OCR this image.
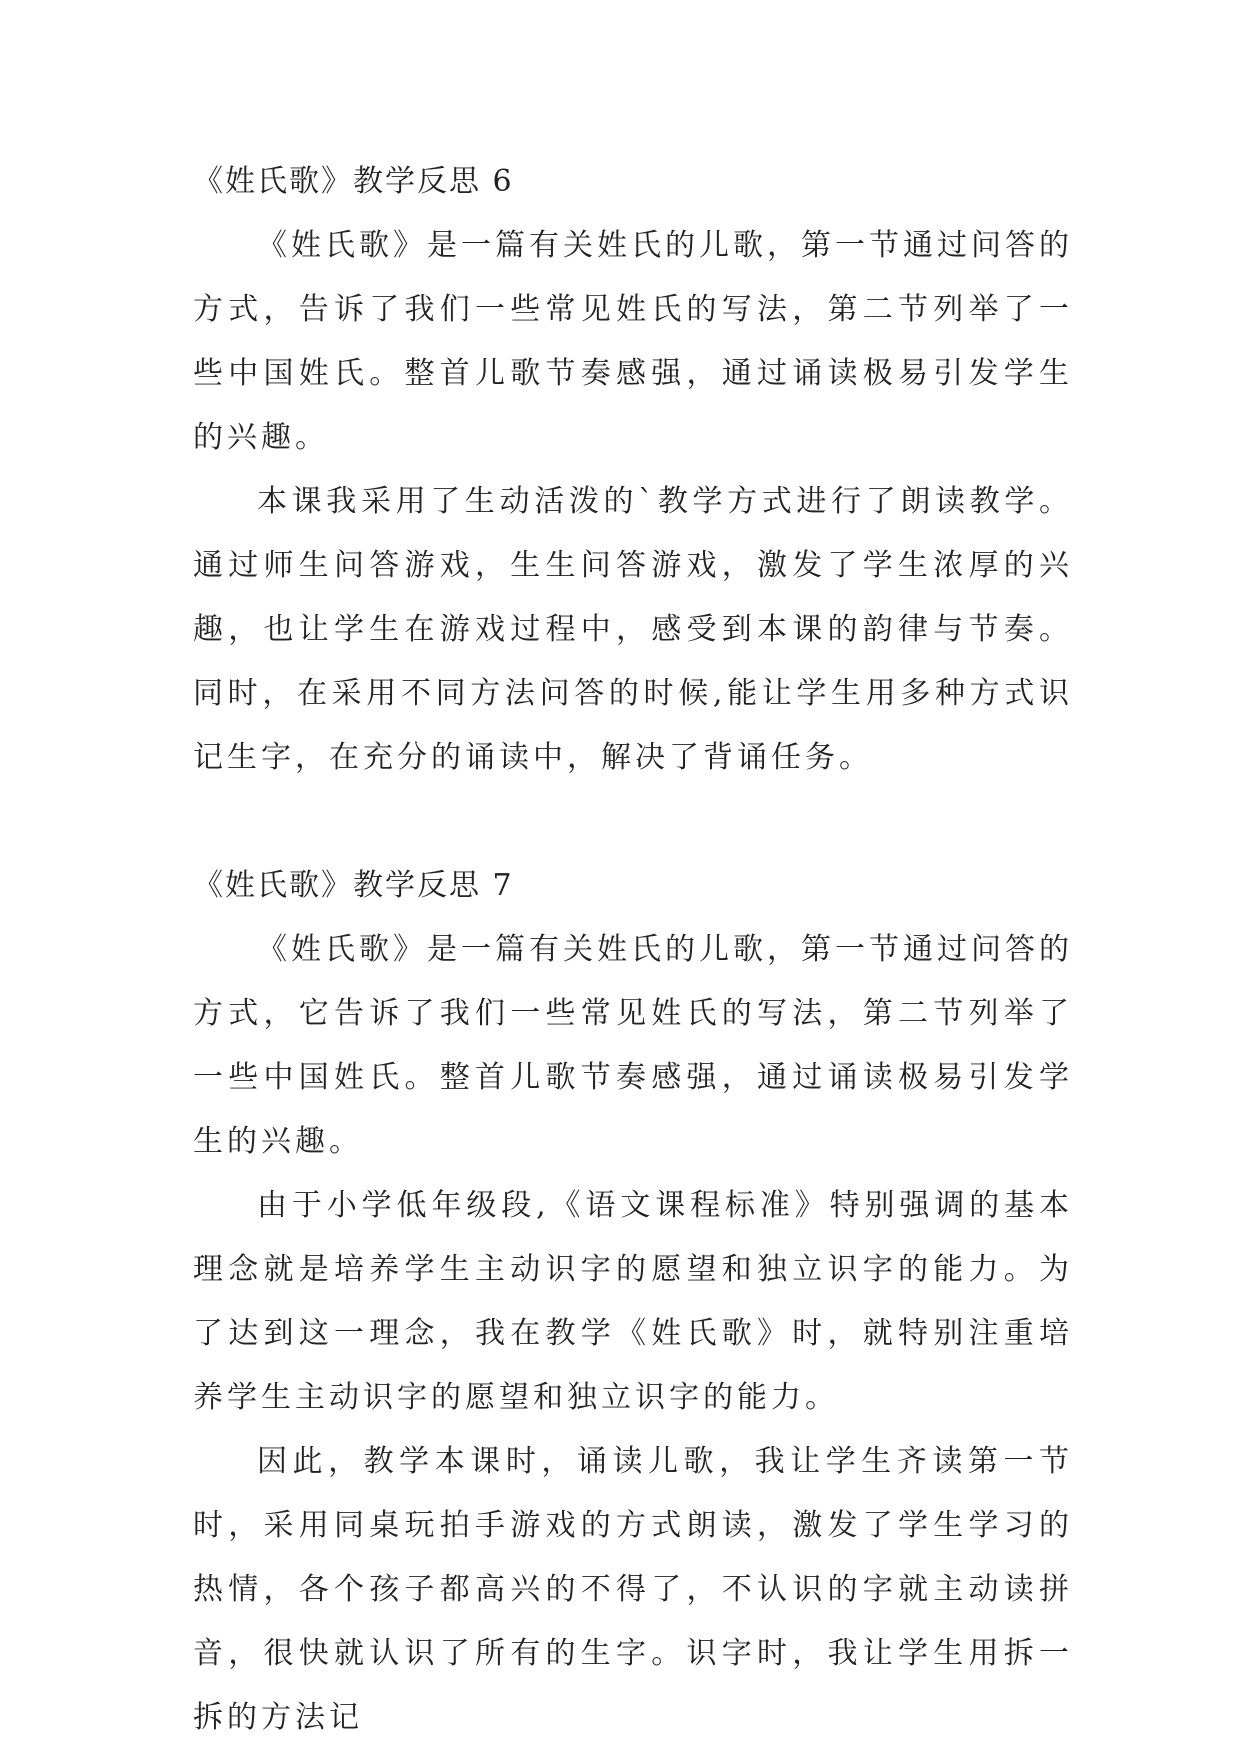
《姓氏歌》教学反思 6

《姓氏歌》是一篇有关姓氏的儿歌，第一节通过问答的方式，告诉了我们一些常见姓氏的写法，第二节列举了一些中国姓氏。整首儿歌节奏感强，通过诵读极易引发学生的兴趣。

本课我采用了生动活泼的`教学方式进行了朗读教学。通过师生问答游戏，生生问答游戏，激发了学生浓厚的兴趣，也让学生在游戏过程中，感受到本课的韵律与节奏。同时，在采用不同方法问答的时候,能让学生用多种方式识记生字，在充分的诵读中，解决了背诵任务。

《姓氏歌》教学反思 7

《姓氏歌》是一篇有关姓氏的儿歌，第一节通过问答的方式，它告诉了我们一些常见姓氏的写法，第二节列举了一些中国姓氏。整首儿歌节奏感强，通过诵读极易引发学生的兴趣。

由于小学低年级段,《语文课程标准》特别强调的基本理念就是培养学生主动识字的愿望和独立识字的能力。为了达到这一理念，我在教学《姓氏歌》时，就特别注重培养学生主动识字的愿望和独立识字的能力。

因此，教学本课时，诵读儿歌，我让学生齐读第一节时，采用同桌玩拍手游戏的方式朗读，激发了学生学习的热情，各个孩子都高兴的不得了，不认识的字就主动读拼音，很快就认识了所有的生字。识字时，我让学生用拆一拆的方法记
